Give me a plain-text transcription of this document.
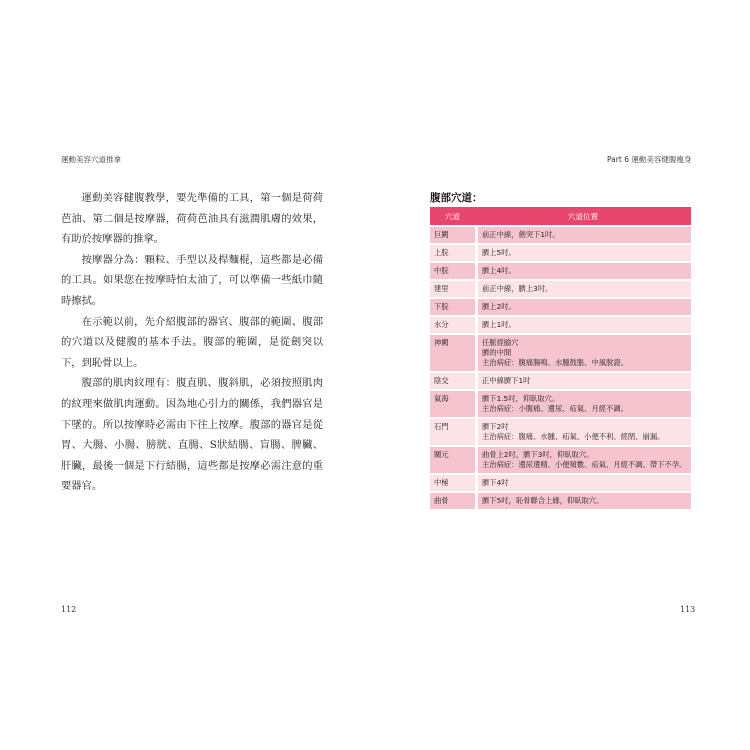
運動美容穴道推拿

運動美容健腹教學，要先準備的工具，第一個是荷荷芭油、第二個是按摩器，荷荷芭油具有滋潤肌膚的效果，有助於按摩器的推拿。

按摩器分為：顆粒、手型以及桿麵棍，這些都是必備的工具。如果您在按摩時怕太油了，可以準備一些紙巾隨時擦拭。

在示範以前，先介紹腹部的器官、腹部的範圍、腹部的穴道以及健腹的基本手法。腹部的範圍，是從劍突以下，到恥骨以上。

腹部的肌肉紋理有：腹直肌、腹斜肌，必須按照肌肉的紋理來做肌肉運動。因為地心引力的關係，我們器官是下墜的。所以按摩時必需由下往上按摩。腹部的器官是從胃、大腸、小腸、膀胱、直腸、S狀結腸、盲腸、脾臟、肝臟，最後一個是下行結腸，這些都是按摩必需注意的重要器官。

112
Part 6 運動美容健腹瘦身
腹部穴道：
穴道	穴道位置
巨闕	前正中線，劍突下1吋。

上脘	臍上5吋。

中脘	臍上4吋。

建里	前正中線，臍上3吋。

下脘	臍上2吋。

水分	臍上1吋。

神闕	任脈經腧穴
臍的中間
主治病症：腹痛腸鳴、水腫鼓脹、中風脫證。

陰交	正中線臍下1吋

氣海	臍下1.5吋，仰臥取穴。
主治病症：小腹痛、遺尿、疝氣、月經不調。

石門	臍下2吋
主治病症：腹痛、水腫、疝氣、小便不利、經閉、崩漏。

關元	曲骨上2吋，臍下3吋，仰臥取穴。
主治病症：遺尿遺精、小便頻數、疝氣、月經不調、帶下不孕。

中極	臍下4吋

曲骨	臍下5吋，恥骨聯合上緣，仰臥取穴。
113
